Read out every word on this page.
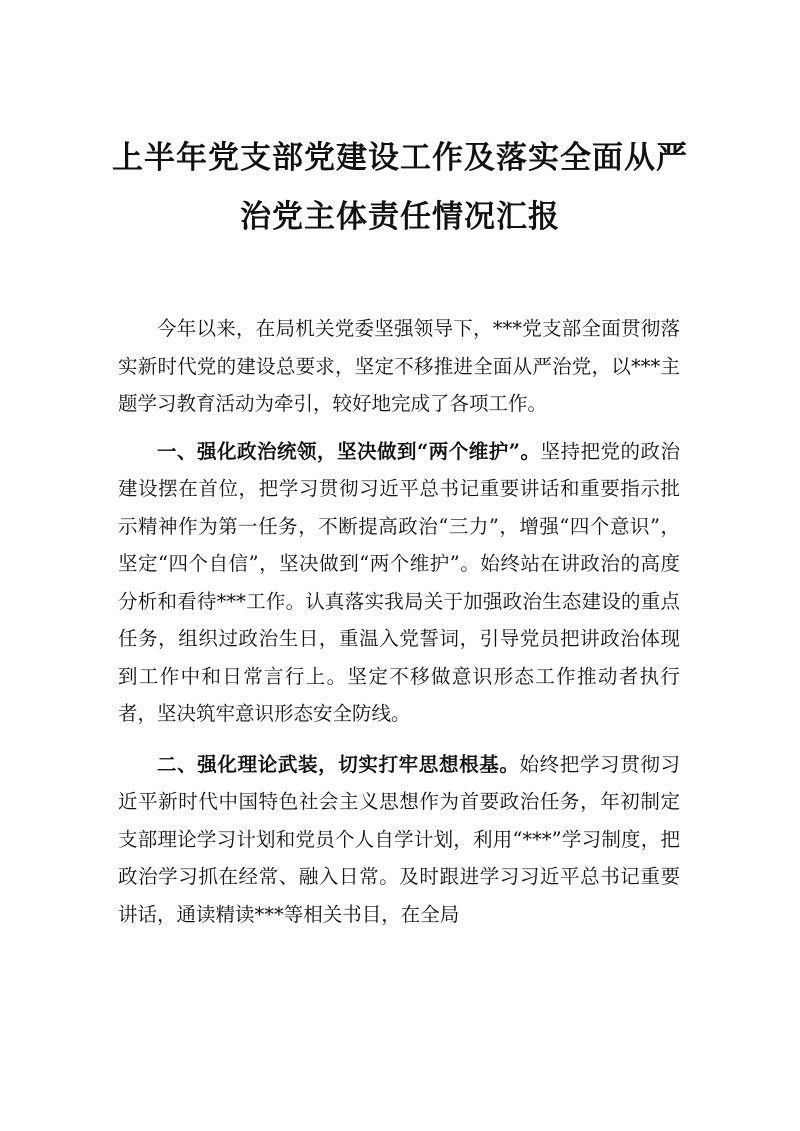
上半年党支部党建设工作及落实全面从严
治党主体责任情况汇报

今年以来，在局机关党委坚强领导下，***党支部全面贯彻落实新时代党的建设总要求，坚定不移推进全面从严治党，以***主题学习教育活动为牵引，较好地完成了各项工作。

一、强化政治统领，坚决做到“两个维护”。坚持把党的政治建设摆在首位，把学习贯彻习近平总书记重要讲话和重要指示批示精神作为第一任务，不断提高政治“三力”，增强“四个意识”，坚定“四个自信”，坚决做到“两个维护”。始终站在讲政治的高度分析和看待***工作。认真落实我局关于加强政治生态建设的重点任务，组织过政治生日，重温入党誓词，引导党员把讲政治体现到工作中和日常言行上。坚定不移做意识形态工作推动者执行者，坚决筑牢意识形态安全防线。

二、强化理论武装，切实打牢思想根基。始终把学习贯彻习近平新时代中国特色社会主义思想作为首要政治任务，年初制定支部理论学习计划和党员个人自学计划，利用“***”学习制度，把政治学习抓在经常、融入日常。及时跟进学习习近平总书记重要讲话，通读精读***等相关书目，在全局
